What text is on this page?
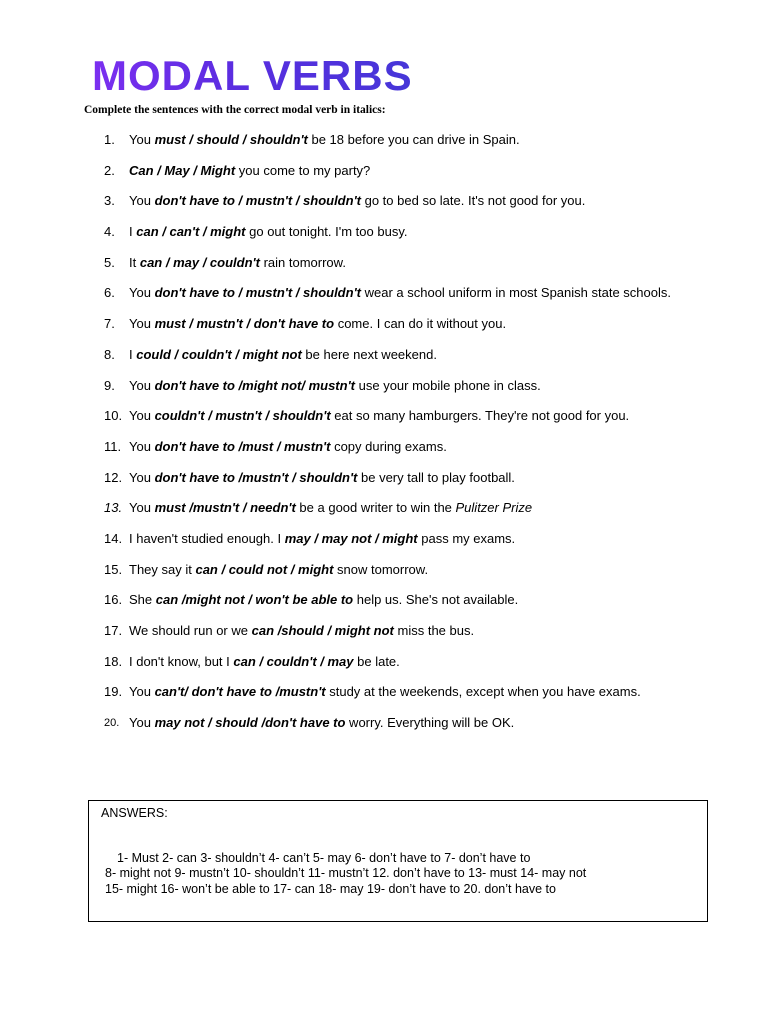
MODAL VERBS
Complete the sentences with the correct modal verb in italics:
1.	You must / should / shouldn't be 18 before you can drive in Spain.
2.	Can / May / Might you come to my party?
3.	You don't have to / mustn't / shouldn't go to bed so late. It's not good for you.
4.	I can / can't / might go out tonight. I'm too busy.
5.	It can / may / couldn't rain tomorrow.
6.	You don't have to / mustn't / shouldn't wear a school uniform in most Spanish state schools.
7.	You must / mustn't / don't have to come. I can do it without you.
8.	I could / couldn't / might not be here next weekend.
9.	You don't have to /might not/ mustn't use your mobile phone in class.
10. You couldn't / mustn't / shouldn't eat so many hamburgers. They're not good for you.
11. You don't have to /must / mustn't copy during exams.
12. You don't have to /mustn't / shouldn't be very tall to play football.
13. You must /mustn't / needn't be a good writer to win the Pulitzer Prize
14. I haven't studied enough. I may / may not / might pass my exams.
15. They say it can / could not / might snow tomorrow.
16. She can /might not / won't be able to help us. She's not available.
17. We should run or we can /should / might not miss the bus.
18. I don't know, but I can / couldn't / may be late.
19. You can't/ don't have to /mustn't study at the weekends, except when you have exams.
20. You may not / should /don't have to worry. Everything will be OK.
ANSWERS:
1- Must 2- can 3- shouldn’t 4- can’t 5- may 6- don’t have to 7- don’t have to
8- might not 9- mustn’t 10- shouldn’t 11- mustn’t 12. don’t have to 13- must 14- may not
15- might 16- won’t be able to 17- can 18- may 19- don’t have to 20. don’t have to
